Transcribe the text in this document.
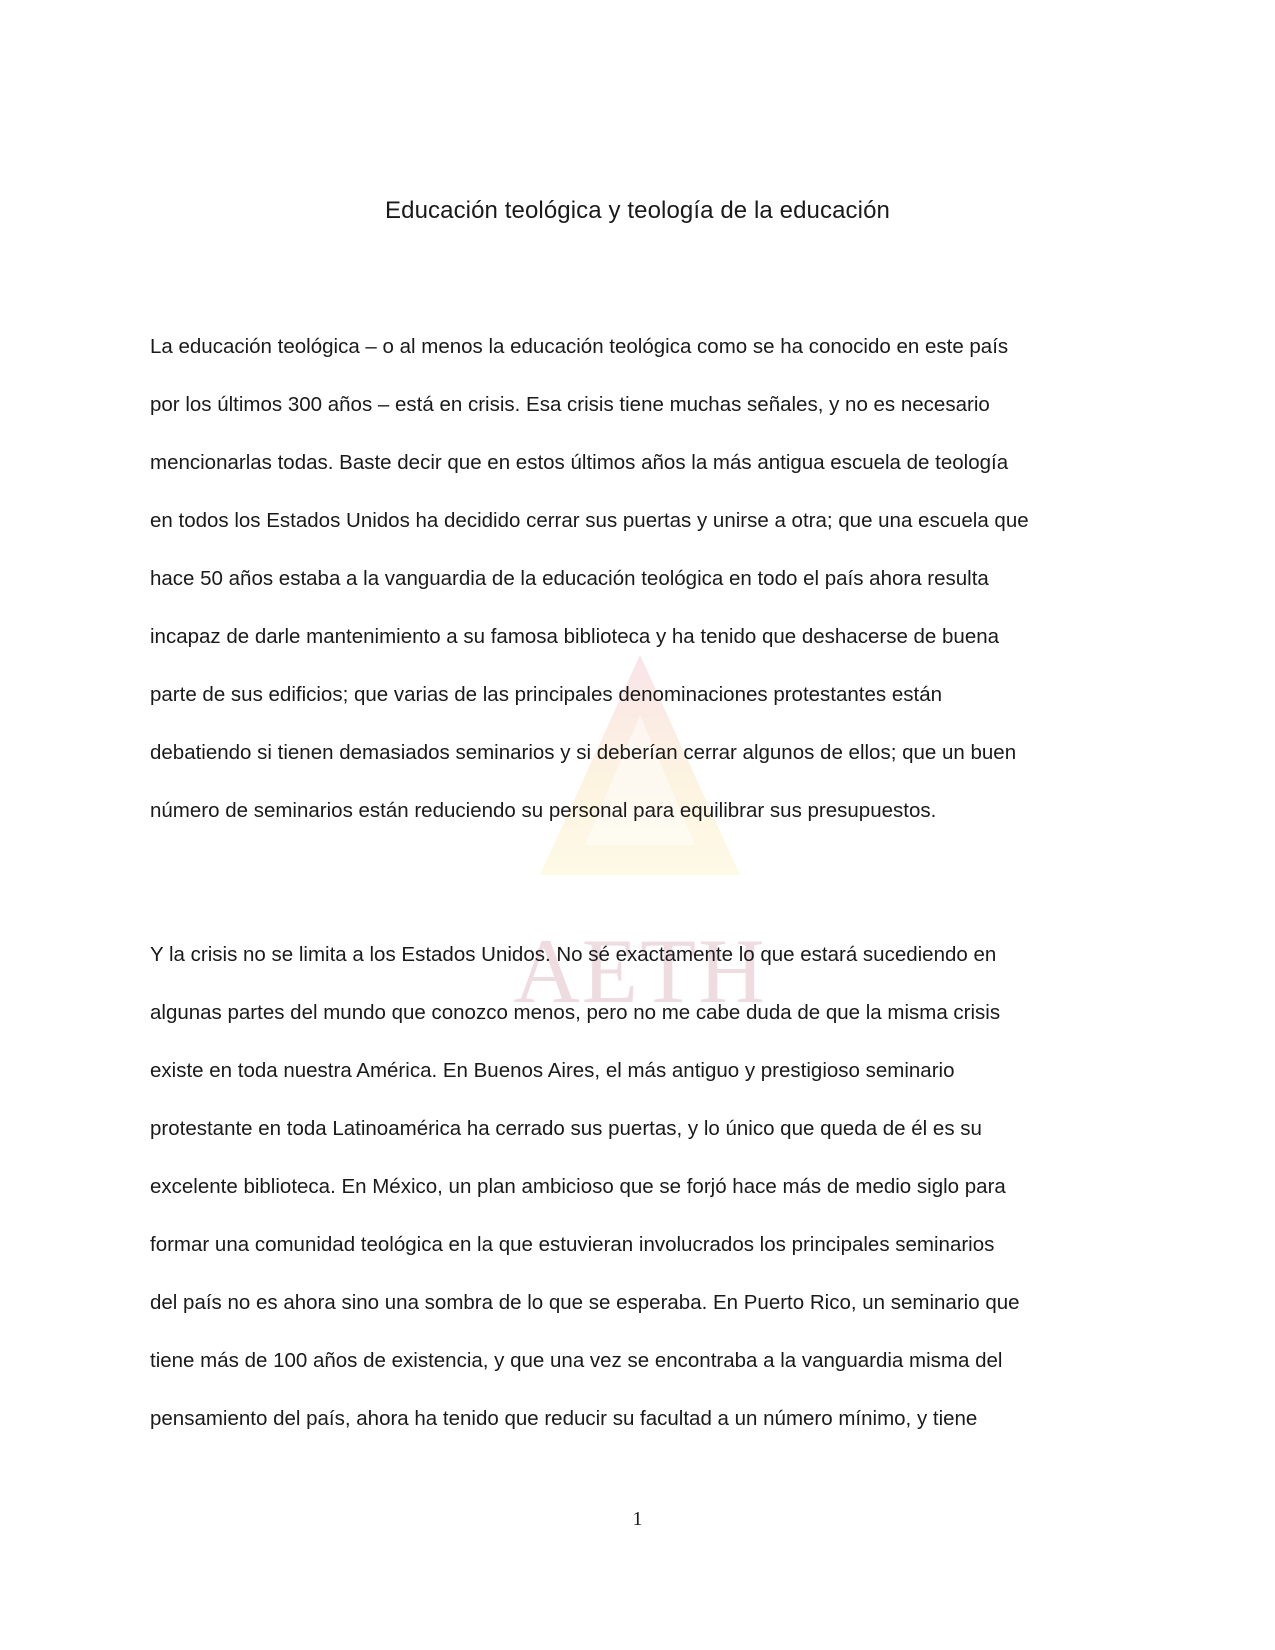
AETH
Educación teológica y teología de la educación
La educación teológica – o al menos la educación teológica como se ha conocido en este país
por los últimos 300 años – está en crisis. Esa crisis tiene muchas señales, y no es necesario
mencionarlas todas. Baste decir que en estos últimos años la más antigua escuela de teología
en todos los Estados Unidos ha decidido cerrar sus puertas y unirse a otra; que una escuela que
hace 50 años estaba a la vanguardia de la educación teológica en todo el país ahora resulta
incapaz de darle mantenimiento a su famosa biblioteca y ha tenido que deshacerse de buena
parte de sus edificios; que varias de las principales denominaciones protestantes están
debatiendo si tienen demasiados seminarios y si deberían cerrar algunos de ellos; que un buen
número de seminarios están reduciendo su personal para equilibrar sus presupuestos.
Y la crisis no se limita a los Estados Unidos. No sé exactamente lo que estará sucediendo en
algunas partes del mundo que conozco menos, pero no me cabe duda de que la misma crisis
existe en toda nuestra América. En Buenos Aires, el más antiguo y prestigioso seminario
protestante en toda Latinoamérica ha cerrado sus puertas, y lo único que queda de él es su
excelente biblioteca. En México, un plan ambicioso que se forjó hace más de medio siglo para
formar una comunidad teológica en la que estuvieran involucrados los principales seminarios
del país no es ahora sino una sombra de lo que se esperaba. En Puerto Rico, un seminario que
tiene más de 100 años de existencia, y que una vez se encontraba a la vanguardia misma del
pensamiento del país, ahora ha tenido que reducir su facultad a un número mínimo, y tiene
1
